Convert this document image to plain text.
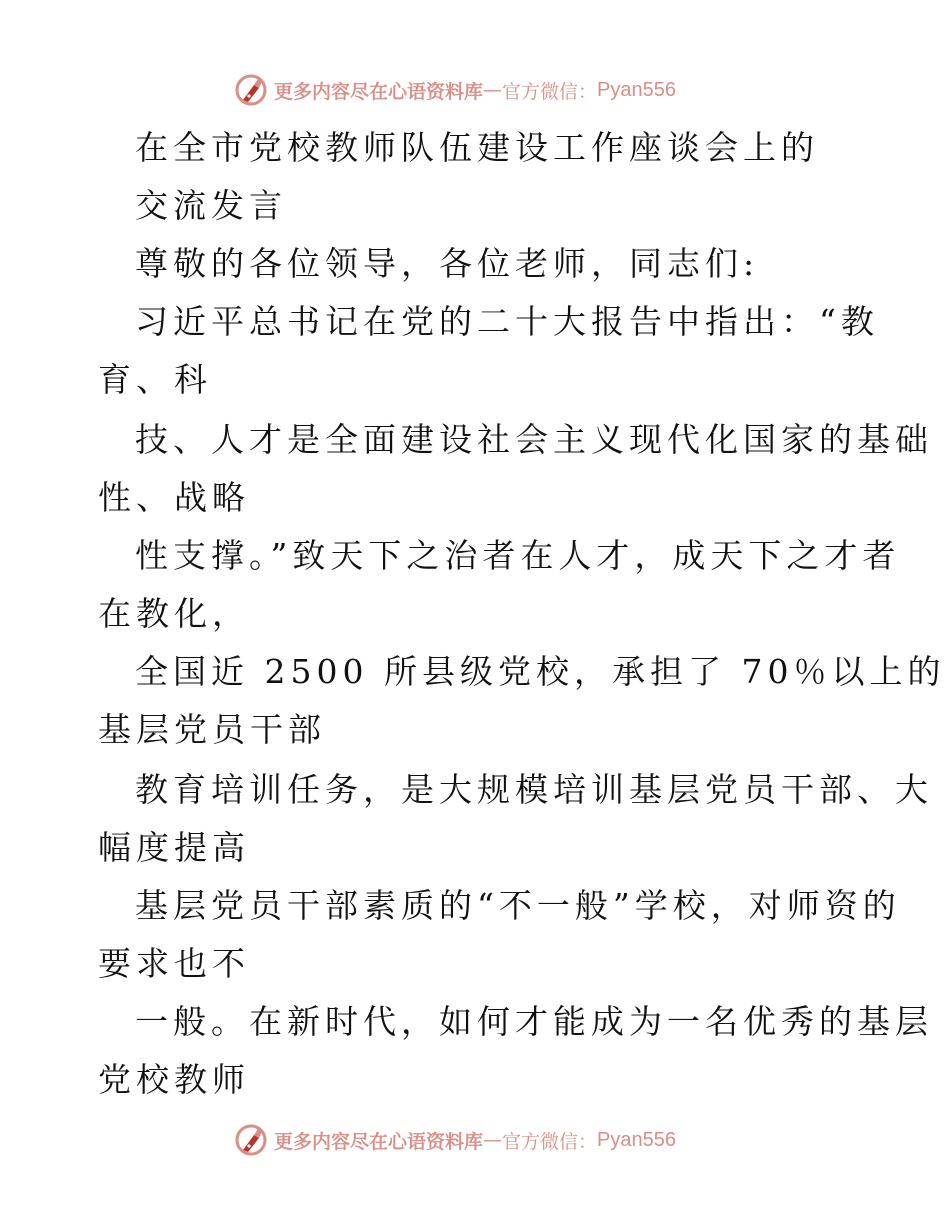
更多内容尽在心语资料库 — 官方微信： Pyan556
在全市党校教师队伍建设工作座谈会上的
交流发言
尊敬的各位领导，各位老师，同志们:
习近平总书记在党的二十大报告中指出：“教
育、科
技、人才是全面建设社会主义现代化国家的基础
性、战略
性支撑。”致天下之治者在人才，成天下之才者
在教化，
全国近 2500 所县级党校，承担了 70％以上的
基层党员干部
教育培训任务，是大规模培训基层党员干部、大
幅度提高
基层党员干部素质的“不一般”学校，对师资的
要求也不
一般。在新时代，如何才能成为一名优秀的基层
党校教师
更多内容尽在心语资料库 — 官方微信： Pyan556
